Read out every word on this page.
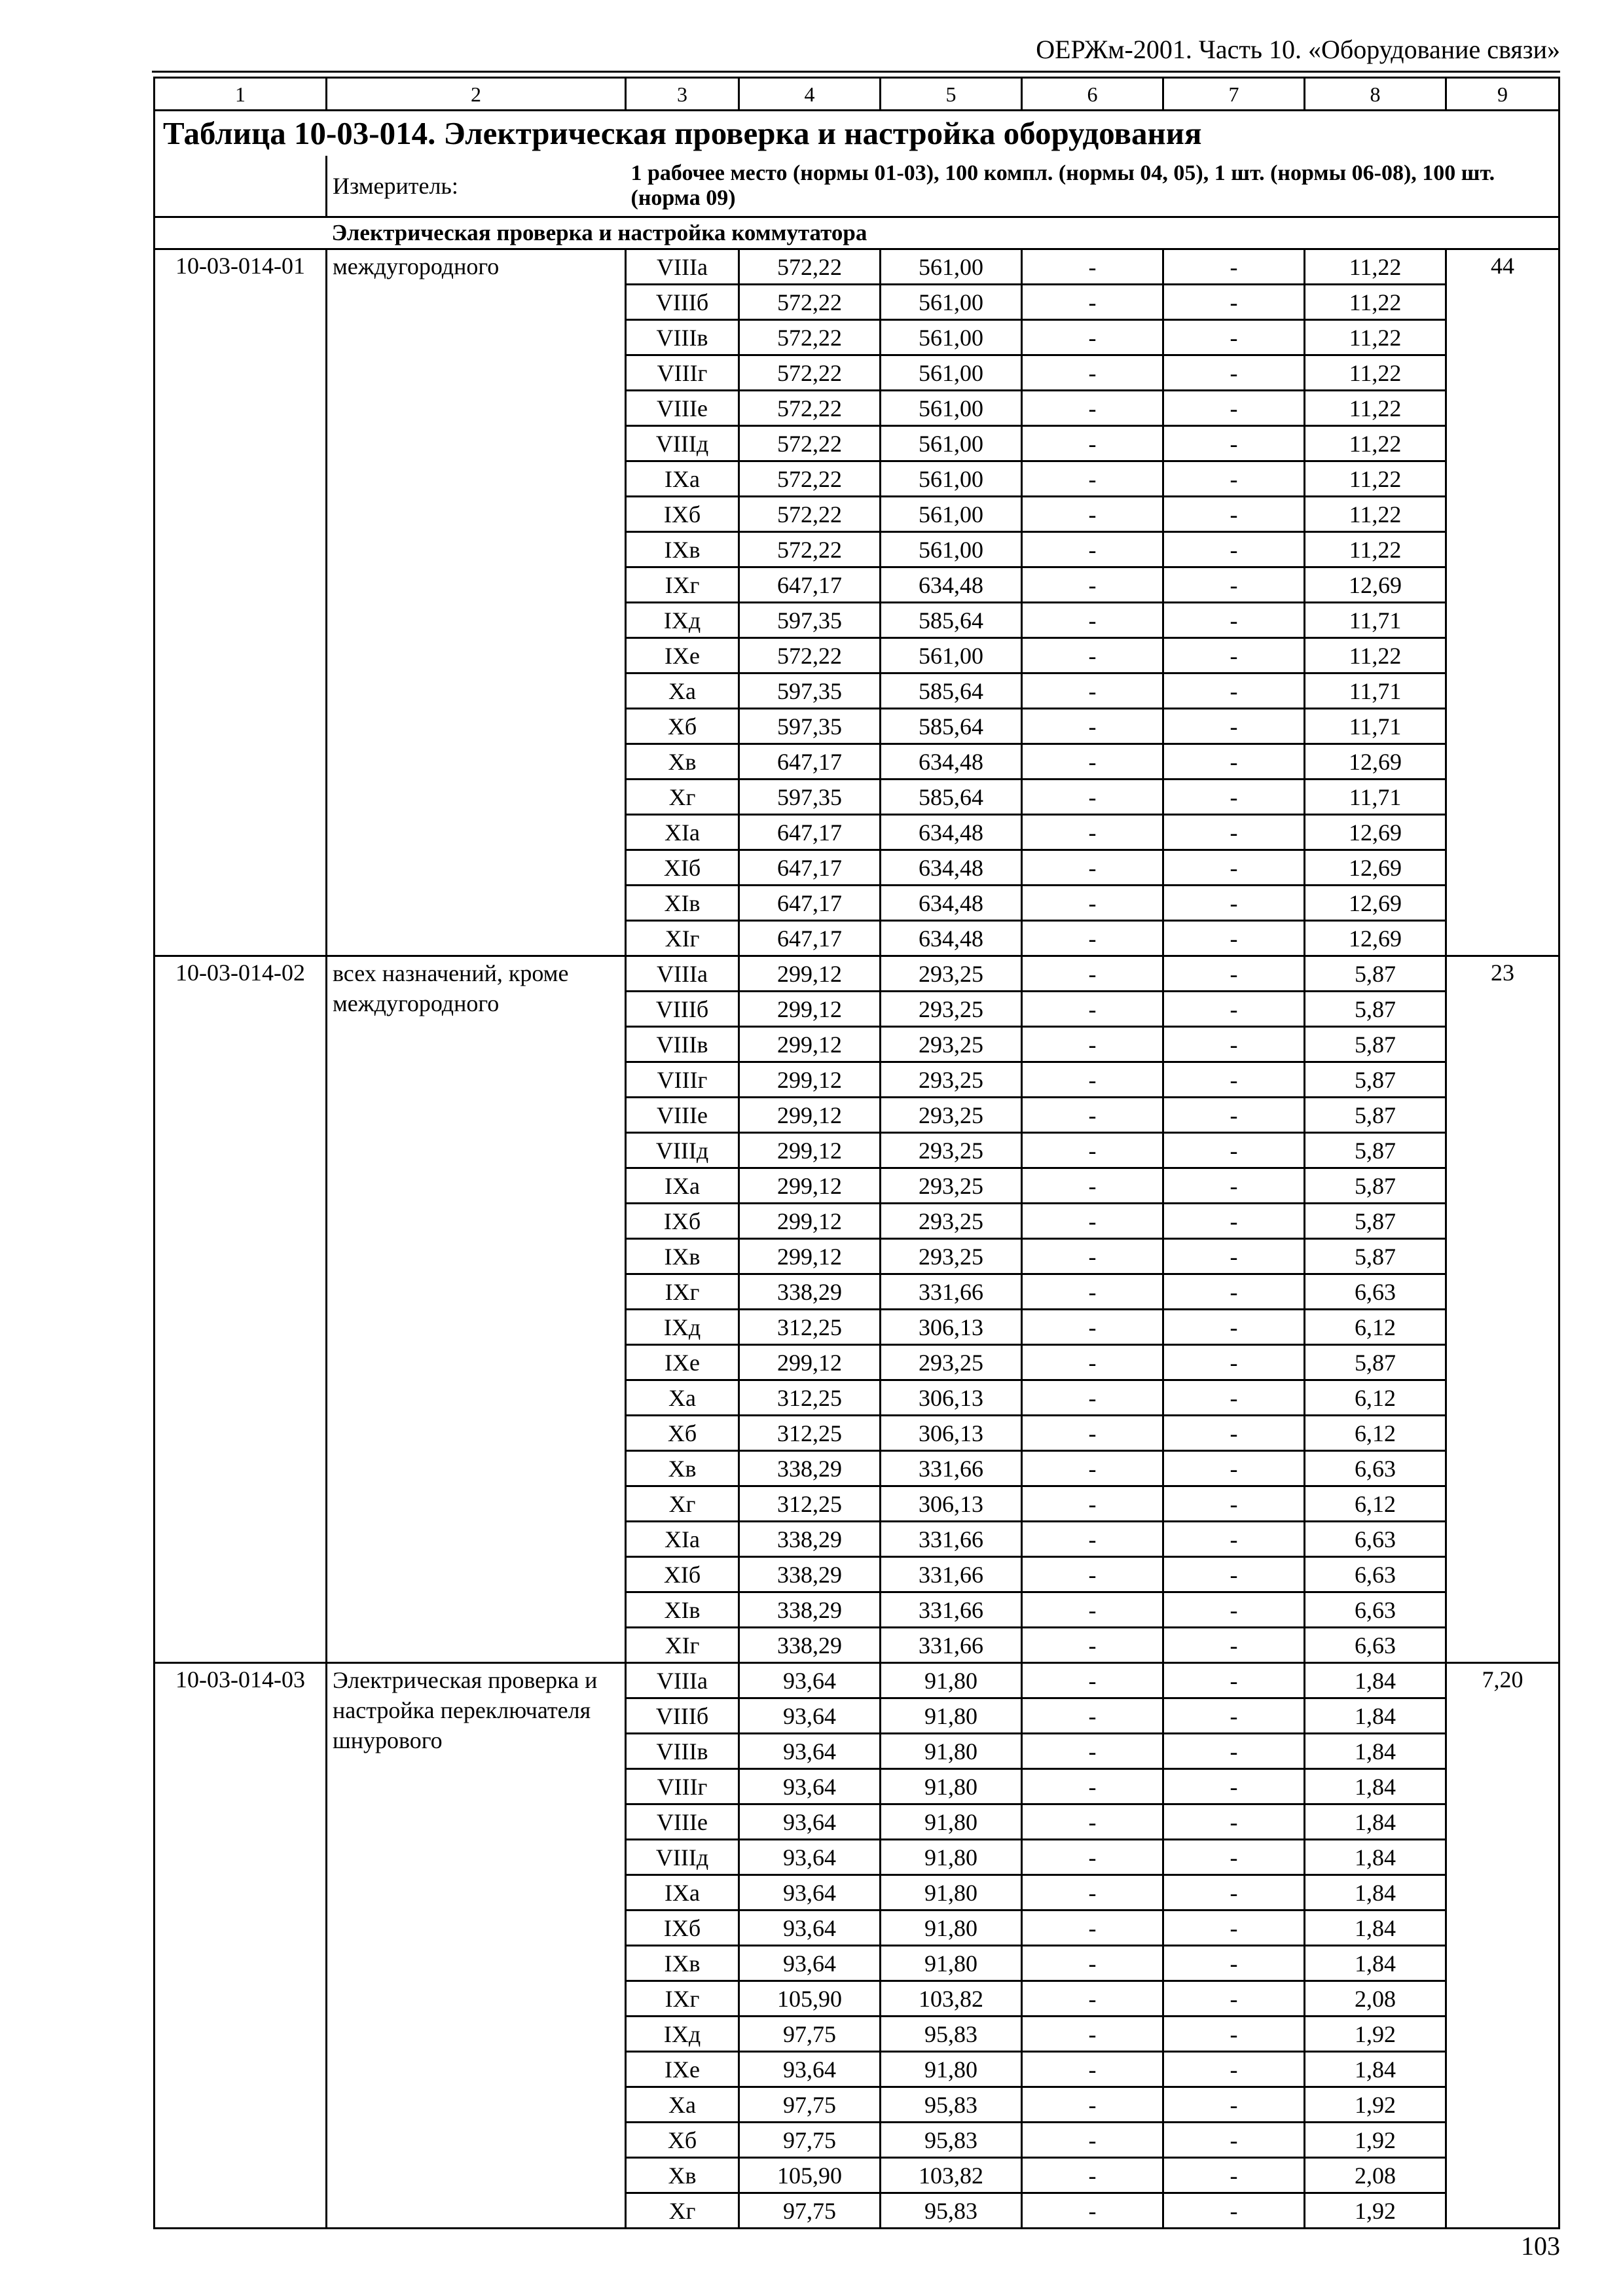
ОЕРЖм-2001. Часть 10. «Оборудование связи»
1	2	3	4	5	6	7	8	9
Таблица 10-03-014. Электрическая проверка и настройка оборудования								
	Измеритель:	1 рабочее место (нормы 01-03), 100 компл. (нормы 04, 05), 1 шт. (нормы 06-08), 100 шт. (норма 09)						
	Электрическая проверка и настройка коммутатора							
10-03-014-01	междугородного	VIIIа	572,22	561,00	-	-	11,22	44
		VIIIб	572,22	561,00	-	-	11,22	
		VIIIв	572,22	561,00	-	-	11,22	
		VIIIг	572,22	561,00	-	-	11,22	
		VIIIе	572,22	561,00	-	-	11,22	
		VIIIд	572,22	561,00	-	-	11,22	
		IXа	572,22	561,00	-	-	11,22	
		IXб	572,22	561,00	-	-	11,22	
		IXв	572,22	561,00	-	-	11,22	
		IXг	647,17	634,48	-	-	12,69	
		IXд	597,35	585,64	-	-	11,71	
		IXе	572,22	561,00	-	-	11,22	
		Xа	597,35	585,64	-	-	11,71	
		Xб	597,35	585,64	-	-	11,71	
		Xв	647,17	634,48	-	-	12,69	
		Xг	597,35	585,64	-	-	11,71	
		XIа	647,17	634,48	-	-	12,69	
		XIб	647,17	634,48	-	-	12,69	
		XIв	647,17	634,48	-	-	12,69	
		XIг	647,17	634,48	-	-	12,69	
10-03-014-02	всех назначений, кроме междугородного	VIIIа	299,12	293,25	-	-	5,87	23
		VIIIб	299,12	293,25	-	-	5,87	
		VIIIв	299,12	293,25	-	-	5,87	
		VIIIг	299,12	293,25	-	-	5,87	
		VIIIе	299,12	293,25	-	-	5,87	
		VIIIд	299,12	293,25	-	-	5,87	
		IXа	299,12	293,25	-	-	5,87	
		IXб	299,12	293,25	-	-	5,87	
		IXв	299,12	293,25	-	-	5,87	
		IXг	338,29	331,66	-	-	6,63	
		IXд	312,25	306,13	-	-	6,12	
		IXе	299,12	293,25	-	-	5,87	
		Xа	312,25	306,13	-	-	6,12	
		Xб	312,25	306,13	-	-	6,12	
		Xв	338,29	331,66	-	-	6,63	
		Xг	312,25	306,13	-	-	6,12	
		XIа	338,29	331,66	-	-	6,63	
		XIб	338,29	331,66	-	-	6,63	
		XIв	338,29	331,66	-	-	6,63	
		XIг	338,29	331,66	-	-	6,63	
10-03-014-03	Электрическая проверка и настройка переключателя шнурового	VIIIа	93,64	91,80	-	-	1,84	7,20
		VIIIб	93,64	91,80	-	-	1,84	
		VIIIв	93,64	91,80	-	-	1,84	
		VIIIг	93,64	91,80	-	-	1,84	
		VIIIе	93,64	91,80	-	-	1,84	
		VIIIд	93,64	91,80	-	-	1,84	
		IXа	93,64	91,80	-	-	1,84	
		IXб	93,64	91,80	-	-	1,84	
		IXв	93,64	91,80	-	-	1,84	
		IXг	105,90	103,82	-	-	2,08	
		IXд	97,75	95,83	-	-	1,92	
		IXе	93,64	91,80	-	-	1,84	
		Xа	97,75	95,83	-	-	1,92	
		Xб	97,75	95,83	-	-	1,92	
		Xв	105,90	103,82	-	-	2,08	
		Xг	97,75	95,83	-	-	1,92	
103
